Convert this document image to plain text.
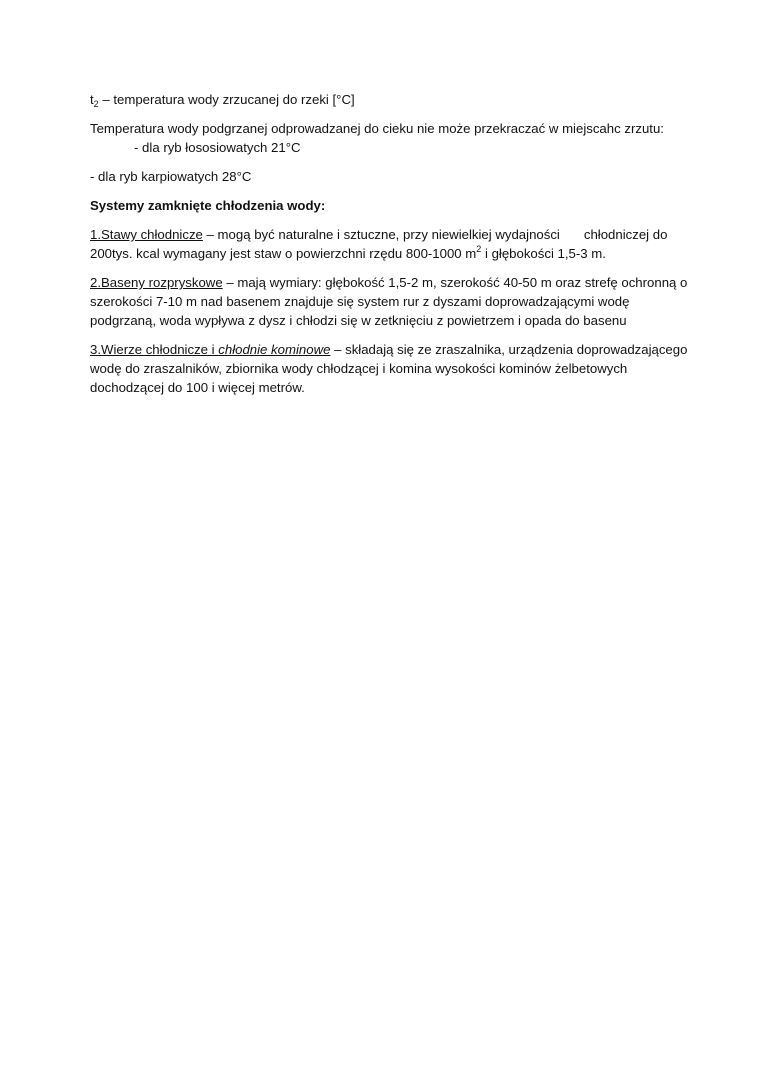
$t_2$ – temperatura wody zrzucanej do rzeki [°C]

Temperatura wody podgrzanej odprowadzanej do cieku nie może przekraczać w miejscahc zrzutu:
- dla ryb łososiowatych 21°C

- dla ryb karpiowatych 28°C

Systemy zamknięte chłodzenia wody:

1.Stawy chłodnicze – mogą być naturalne i sztuczne, przy niewielkiej wydajności chłodniczej do
200tys. kcal wymagany jest staw o powierzchni rzędu 800-1000 $m^2$ i głębokości 1,5-3 m.

2.Baseny rozpryskowe – mają wymiary: głębokość 1,5-2 m, szerokość 40-50 m oraz strefę ochronną o
szerokości 7-10 m nad basenem znajduje się system rur z dyszami doprowadzającymi wodę
podgrzaną, woda wypływa z dysz i chłodzi się w zetknięciu z powietrzem i opada do basenu

3.Wierze chłodnicze i chłodnie kominowe – składają się ze zraszalnika, urządzenia doprowadzającego
wodę do zraszalników, zbiornika wody chłodzącej i komina wysokości kominów żelbetowych
dochodzącej do 100 i więcej metrów.
